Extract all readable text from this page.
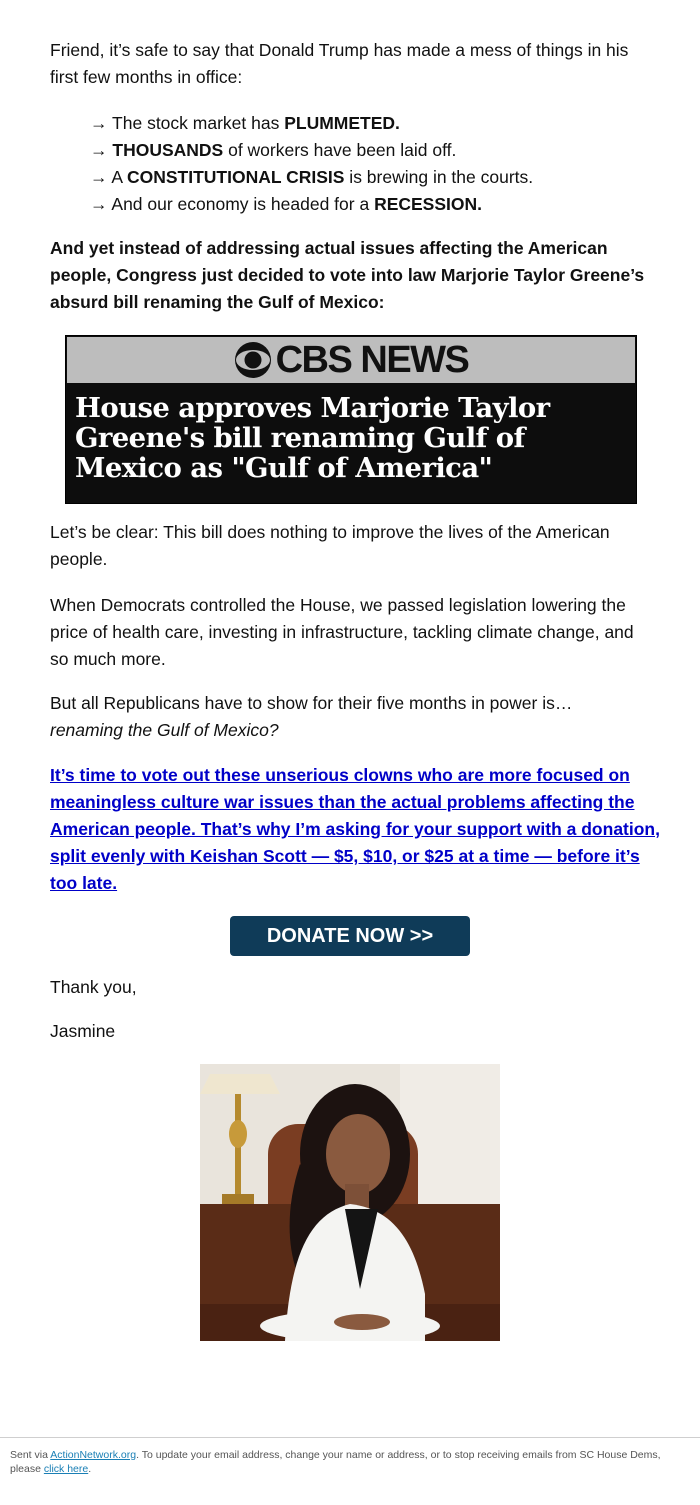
Friend, it’s safe to say that Donald Trump has made a mess of things in his first few months in office:

→ The stock market has PLUMMETED.
→ THOUSANDS of workers have been laid off.
→ A CONSTITUTIONAL CRISIS is brewing in the courts.
→ And our economy is headed for a RECESSION.

And yet instead of addressing actual issues affecting the American people, Congress just decided to vote into law Marjorie Taylor Greene’s absurd bill renaming the Gulf of Mexico:

CBS NEWS
House approves Marjorie Taylor Greene's bill renaming Gulf of Mexico as "Gulf of America"

Let’s be clear: This bill does nothing to improve the lives of the American people.

When Democrats controlled the House, we passed legislation lowering the price of health care, investing in infrastructure, tackling climate change, and so much more.

But all Republicans have to show for their five months in power is…
renaming the Gulf of Mexico?

It’s time to vote out these unserious clowns who are more focused on meaningless culture war issues than the actual problems affecting the American people. That’s why I’m asking for your support with a donation, split evenly with Keishan Scott — $5, $10, or $25 at a time — before it’s too late.
DONATE NOW >>

Thank you,

Jasmine

Sent via ActionNetwork.org. To update your email address, change your name or address, or to stop receiving emails from SC House Dems, please click here.
